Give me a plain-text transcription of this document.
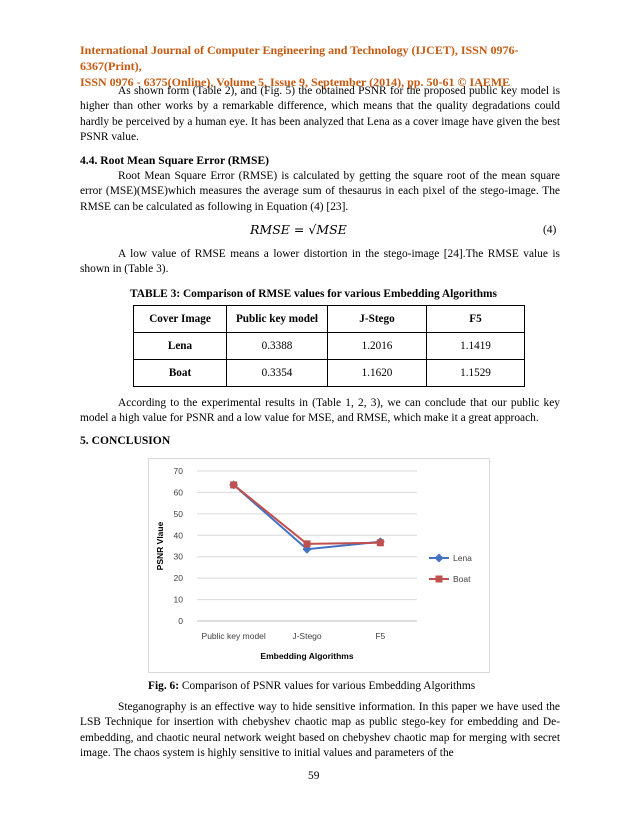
International Journal of Computer Engineering and Technology (IJCET), ISSN 0976-6367(Print),
ISSN 0976 - 6375(Online), Volume 5, Issue 9, September (2014), pp. 50-61 © IAEME
As shown form (Table 2), and (Fig. 5) the obtained PSNR for the proposed public key model is higher than other works by a remarkable difference, which means that the quality degradations could hardly be perceived by a human eye. It has been analyzed that Lena as a cover image have given the best PSNR value.
4.4. Root Mean Square Error (RMSE)
Root Mean Square Error (RMSE) is calculated by getting the square root of the mean square error (MSE)(MSE)which measures the average sum of thesaurus in each pixel of the stego-image. The RMSE can be calculated as following in Equation (4) [23].
RMSE = √MSE	(4)
A low value of RMSE means a lower distortion in the stego-image [24].The RMSE value is shown in (Table 3).
TABLE 3: Comparison of RMSE values for various Embedding Algorithms
Cover Image	Public key model	J-Stego	F5
Lena	0.3388	1.2016	1.1419
Boat	0.3354	1.1620	1.1529
According to the experimental results in (Table 1, 2, 3), we can conclude that our public key model a high value for PSNR and a low value for MSE, and RMSE, which make it a great approach.
5. CONCLUSION
0
10
20
30
40
50
60
70
Public key model	J-Stego	F5
Embedding Algorithms
PSNR Vlaue	Lena
Boat
Fig. 6: Comparison of PSNR values for various Embedding Algorithms
Steganography is an effective way to hide sensitive information. In this paper we have used the LSB Technique for insertion with chebyshev chaotic map as public stego-key for embedding and De-embedding, and chaotic neural network weight based on chebyshev chaotic map for merging with secret image. The chaos system is highly sensitive to initial values and parameters of the
59
